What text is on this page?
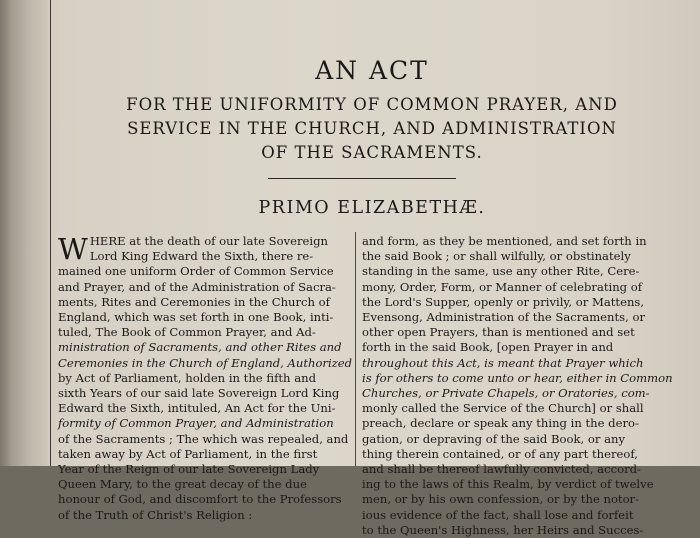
AN ACT
FOR THE UNIFORMITY OF COMMON PRAYER, AND
SERVICE IN THE CHURCH, AND ADMINISTRATION
OF THE SACRAMENTS.
PRIMO ELIZABETHÆ.
W HERE at the death of our late Sovereign
Lord King Edward the Sixth, there re-
mained one uniform Order of Common Service
and Prayer, and of the Administration of Sacra-
ments, Rites and Ceremonies in the Church of
England, which was set forth in one Book, inti-
tuled, The Book of Common Prayer, and Ad-
ministration of Sacraments, and other Rites and
Ceremonies in the Church of England, Authorized
by Act of Parliament, holden in the fifth and
sixth Years of our said late Sovereign Lord King
Edward the Sixth, intituled, An Act for the Uni-
formity of Common Prayer, and Administration
of the Sacraments ; The which was repealed, and
taken away by Act of Parliament, in the first
Year of the Reign of our late Sovereign Lady
Queen Mary, to the great decay of the due
honour of God, and discomfort to the Professors
of the Truth of Christ's Religion :
and form, as they be mentioned, and set forth in
the said Book ; or shall wilfully, or obstinately
standing in the same, use any other Rite, Cere-
mony, Order, Form, or Manner of celebrating of
the Lord's Supper, openly or privily, or Mattens,
Evensong, Administration of the Sacraments, or
other open Prayers, than is mentioned and set
forth in the said Book, [open Prayer in and
throughout this Act, is meant that Prayer which
is for others to come unto or hear, either in Common
Churches, or Private Chapels, or Oratories, com-
monly called the Service of the Church] or shall
preach, declare or speak any thing in the dero-
gation, or depraving of the said Book, or any
thing therein contained, or of any part thereof,
and shall be thereof lawfully convicted, accord-
ing to the laws of this Realm, by verdict of twelve
men, or by his own confession, or by the notor-
ious evidence of the fact, shall lose and forfeit
to the Queen's Highness, her Heirs and Succes-
